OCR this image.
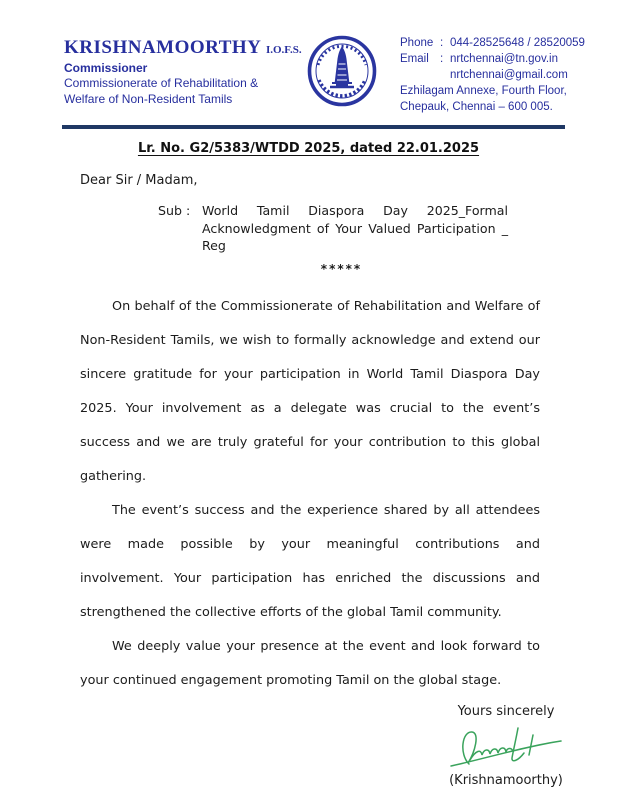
KRISHNAMOORTHY I.O.F.S.
Commissioner
Commissionerate of Rehabilitation &
Welfare of Non-Resident Tamils
Phone : 044-28525648 / 28520059
Email : nrtchennai@tn.gov.in
nrtchennai@gmail.com
Ezhilagam Annexe, Fourth Floor,
Chepauk, Chennai – 600 005.
Lr. No. G2/5383/WTDD 2025, dated 22.01.2025
Dear Sir / Madam,
Sub : World Tamil Diaspora Day 2025_Formal Acknowledgment of Your Valued Participation _ Reg
*****

On behalf of the Commissionerate of Rehabilitation and Welfare of Non-Resident Tamils, we wish to formally acknowledge and extend our sincere gratitude for your participation in World Tamil Diaspora Day 2025. Your involvement as a delegate was crucial to the event’s success and we are truly grateful for your contribution to this global gathering.

The event’s success and the experience shared by all attendees were made possible by your meaningful contributions and involvement. Your participation has enriched the discussions and strengthened the collective efforts of the global Tamil community.

We deeply value your presence at the event and look forward to your continued engagement promoting Tamil on the global stage.

Yours sincerely
(Krishnamoorthy)
